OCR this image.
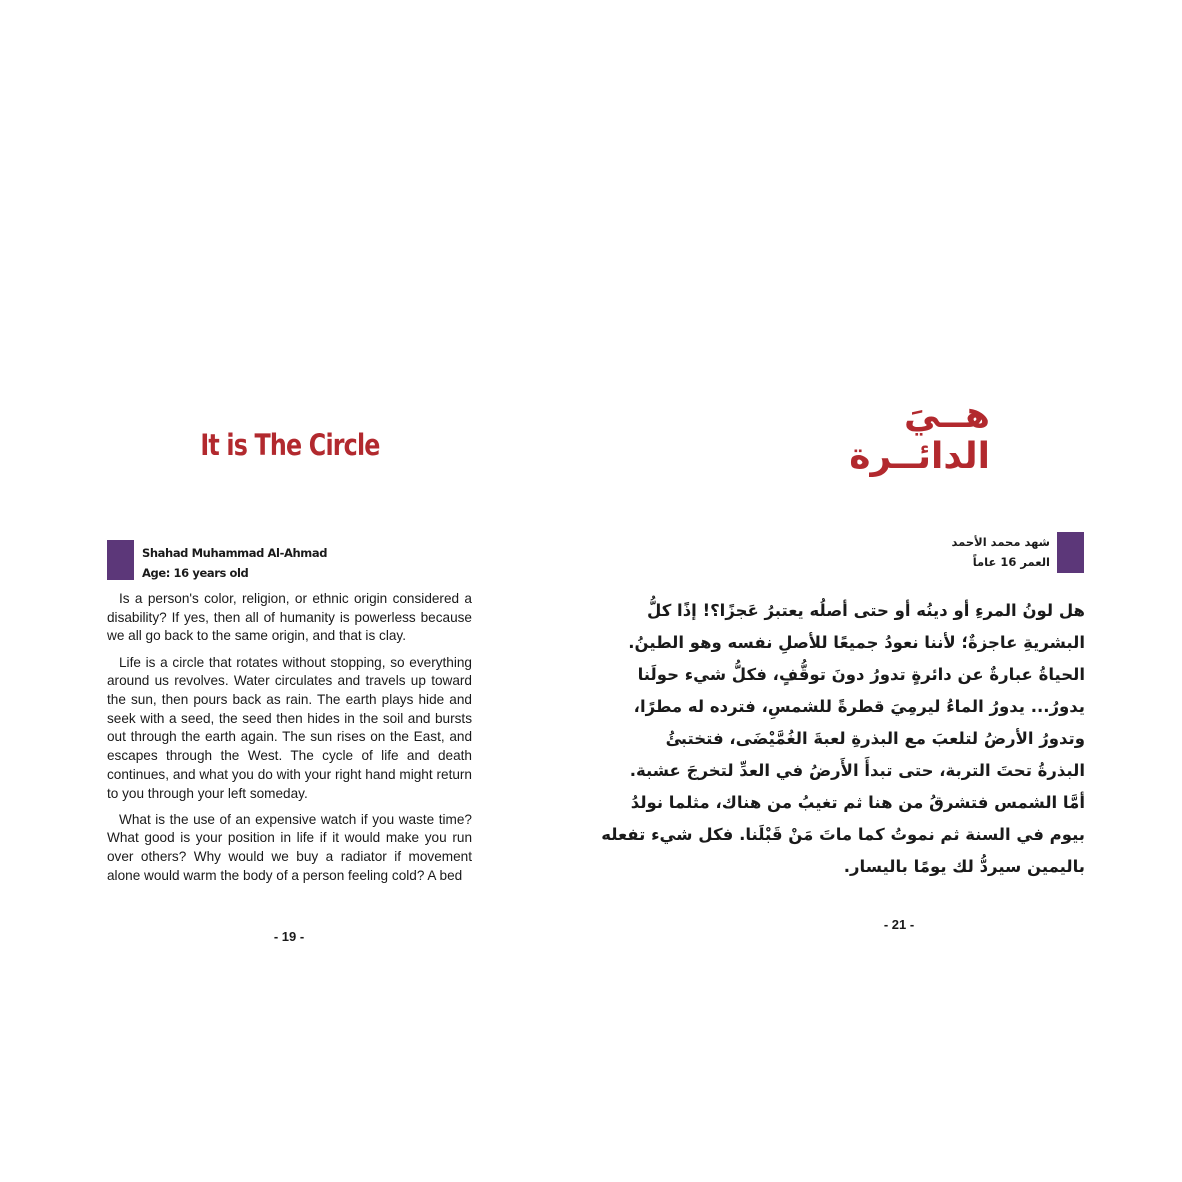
It is The Circle
Shahad Muhammad Al-Ahmad
Age: 16 years old

Is a person's color, religion, or ethnic origin considered a disability? If yes, then all of humanity is powerless because we all go back to the same origin, and that is clay.

Life is a circle that rotates without stopping, so everything around us revolves. Water circulates and travels up toward the sun, then pours back as rain. The earth plays hide and seek with a seed, the seed then hides in the soil and bursts out through the earth again. The sun rises on the East, and escapes through the West. The cycle of life and death continues, and what you do with your right hand might return to you through your left someday.

What is the use of an expensive watch if you waste time? What good is your position in life if it would make you run over others? Why would we buy a radiator if movement alone would warm the body of a person feeling cold? A bed

- 19 -
هــيَ الدائــرة
شهد محمد الأحمد
العمر 16 عاماً
هل لونُ المرءِ أو دينُه أو حتى أصلُه يعتبرُ عَجزًا؟! إذًا كلُّ
البشريةِ عاجزةٌ؛ لأننا نعودُ جميعًا للأصلِ نفسه وهو الطينُ.
الحياةُ عبارةٌ عن دائرةٍ تدورُ دونَ توقُّفٍ، فكلُّ شيء حولَنا
يدورُ... يدورُ الماءُ ليرمِيَ قطرةً للشمسِ، فترده له مطرًا،
وتدورُ الأرضُ لتلعبَ مع البذرةِ لعبةَ الغُمَّيْضَى، فتختبئُ
البذرةُ تحتَ التربة، حتى تبدأَ الأَرضُ في العدِّ لتخرجَ عشبة.
أمَّا الشمس فتشرقُ من هنا ثم تغيبُ من هناك، مثلما نولدُ
بيوم في السنة ثم نموتُ كما ماتَ مَنْ قَبْلَنا. فكل شيء تفعله
باليمين سيردُّ لك يومًا باليسار.
- 21 -
